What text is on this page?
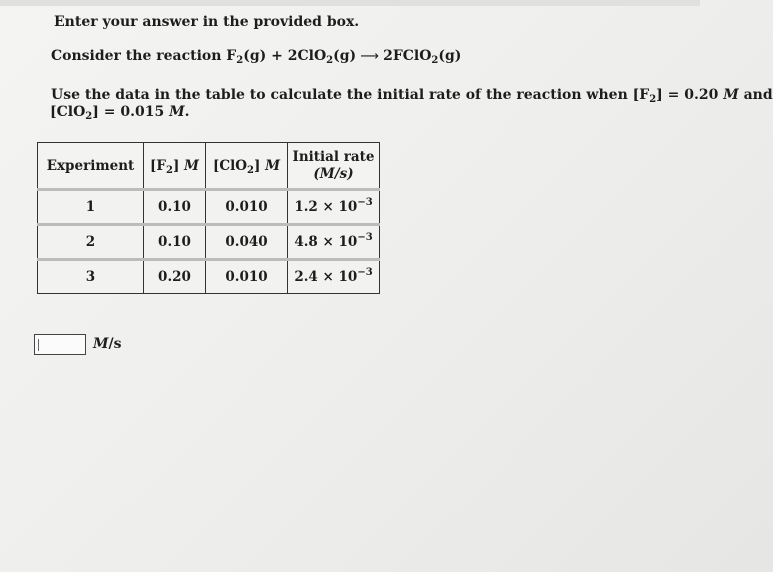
Enter your answer in the provided box.
Consider the reaction $F_2(g) + 2ClO_2(g)$ ⟶ 2FClO$_2$(g)
Use the data in the table to calculate the initial rate of the reaction when $[F_2] = 0.20$ M and
[ClO$_2$] = 0.015 M.
Experiment	$[F_2]$ M	[ClO$_2$] M	Initial rate
(M/s)
1	0.10	0.010	$1.2 \times 10^{-3}$
2	0.10	0.040	$4.8 \times 10^{-3}$
3	0.20	0.010	$2.4 \times 10^{-3}$
M/s
